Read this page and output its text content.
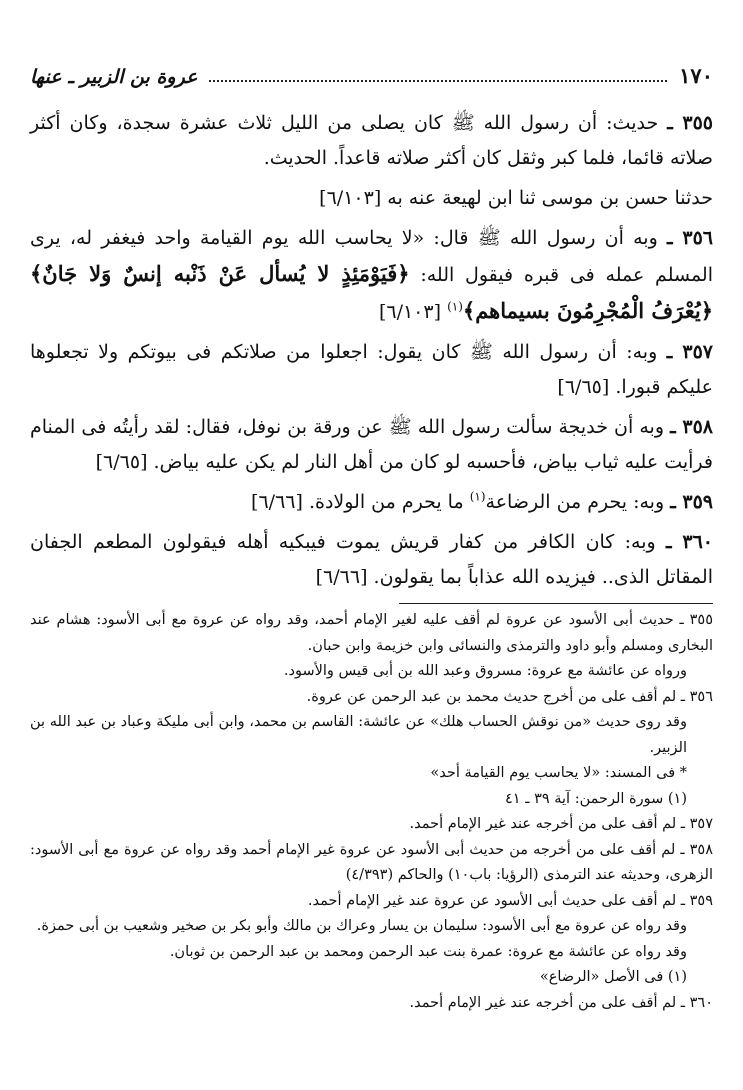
١٧٠
عروة بن الزبير ـ عنها

٣٥٥ ـ حديث: أن رسول الله ﷺ كان يصلى من الليل ثلاث عشرة سجدة، وكان أكثر صلاته قائما، فلما كبر وثقل كان أكثر صلاته قاعداً. الحديث.

حدثنا حسن بن موسى ثنا ابن لهيعة عنه به [٦/١٠٣]

٣٥٦ ـ وبه أن رسول الله ﷺ قال: «لا يحاسب الله يوم القيامة واحد فيغفر له، يرى المسلم عمله فى قبره فيقول الله: ﴿فَيَوْمَئِذٍ لا يُسأل عَنْ ذَنْبه إنسٌ وَلا جَانٌ﴾ ﴿يُعْرَفُ الْمُجْرِمُونَ بسيماهم﴾$^{(١)}$ [٦/١٠٣]

٣٥٧ ـ وبه: أن رسول الله ﷺ كان يقول: اجعلوا من صلاتكم فى بيوتكم ولا تجعلوها عليكم قبورا. [٦/٦٥]

٣٥٨ ـ وبه أن خديجة سألت رسول الله ﷺ عن ورقة بن نوفل، فقال: لقد رأيتُه فى المنام فرأيت عليه ثياب بياض، فأحسبه لو كان من أهل النار لم يكن عليه بياض. [٦/٦٥]

٣٥٩ ـ وبه: يحرم من الرضاعة$^{(١)}$ ما يحرم من الولادة. [٦/٦٦]

٣٦٠ ـ وبه: كان الكافر من كفار قريش يموت فيبكيه أهله فيقولون المطعم الجفان المقاتل الذى.. فيزيده الله عذاباً بما يقولون. [٦/٦٦]

٣٥٥ ـ حديث أبى الأسود عن عروة لم أقف عليه لغير الإمام أحمد، وقد رواه عن عروة مع أبى الأسود: هشام عند البخارى ومسلم وأبو داود والترمذى والنسائى وابن خزيمة وابن حبان.

ورواه عن عائشة مع عروة: مسروق وعبد الله بن أبى قيس والأسود.

٣٥٦ ـ لم أقف على من أخرج حديث محمد بن عبد الرحمن عن عروة.

وقد روى حديث «من نوقش الحساب هلك» عن عائشة: القاسم بن محمد، وابن أبى مليكة وعباد بن عبد الله بن الزبير.

* فى المسند: «لا يحاسب يوم القيامة أحد»

(١) سورة الرحمن: آية ٣٩ ـ ٤١

٣٥٧ ـ لم أقف على من أخرجه عند غير الإمام أحمد.

٣٥٨ ـ لم أقف على من أخرجه من حديث أبى الأسود عن عروة غير الإمام أحمد وقد رواه عن عروة مع أبى الأسود: الزهرى، وحديثه عند الترمذى (الرؤيا: باب١٠) والحاكم (٤/٣٩٣)

٣٥٩ ـ لم أقف على حديث أبى الأسود عن عروة عند غير الإمام أحمد.

وقد رواه عن عروة مع أبى الأسود: سليمان بن يسار وعراك بن مالك وأبو بكر بن صخير وشعيب بن أبى حمزة.

وقد رواه عن عائشة مع عروة: عمرة بنت عبد الرحمن ومحمد بن عبد الرحمن بن ثوبان.

(١) فى الأصل «الرضاع»

٣٦٠ ـ لم أقف على من أخرجه عند غير الإمام أحمد.
